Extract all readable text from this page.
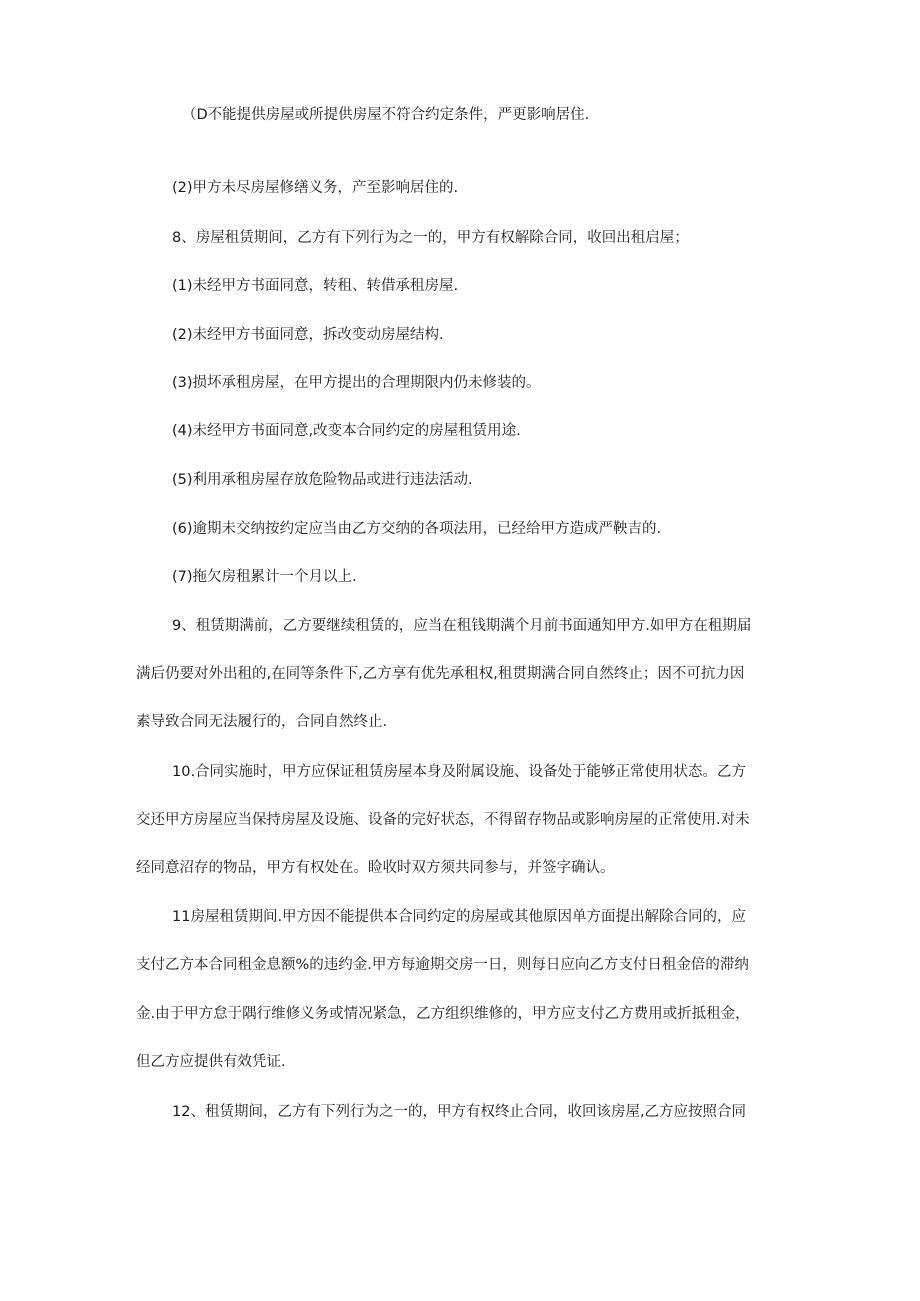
（D不能提供房屋或所提供房屋不符合约定条件，严更影响居住.

(2)甲方未尽房屋修缮义务，产至影响居住的.

8、房屋租赁期间，乙方有下列行为之一的，甲方有权解除合同，收回出租启屋；

(1)未经甲方书面同意，转租、转借承租房屋.

(2)未经甲方书面同意，拆改变动房屋结构.

(3)损坏承租房屋，在甲方提出的合理期限内仍未修装的。

(4)未经甲方书面同意,改变本合同约定的房屋租赁用途.

(5)利用承租房屋存放危险物品或进行违法活动.

(6)逾期未交纳按约定应当由乙方交纳的各项法用，已经给甲方造成严鞅吉的.

(7)拖欠房租累计一个月以上.

9、租赁期满前，乙方要继续租赁的，应当在租钱期满个月前书面通知甲方.如甲方在租期届

满后仍要对外出租的,在同等条件下,乙方享有优先承租权,租贯期满合同自然终止；因不可抗力因

素导致合同无法履行的，合同自然终止.

10.合同实施时，甲方应保证租赁房屋本身及附属设施、设备处于能够正常使用状态。乙方

交还甲方房屋应当保持房屋及设施、设备的完好状态，不得留存物品或影响房屋的正常使用.对未

经同意沼存的物品，甲方有权处在。睑收时双方须共同参与，并签字确认。

11房屋租赁期间.甲方因不能提供本合同约定的房屋或其他原因单方面提出解除合同的，应

支付乙方本合同租金息额%的违约金.甲方每逾期交房一日，则每日应向乙方支付日租金倍的滞纳

金.由于甲方怠于隅行维修义务或情况紧急，乙方组织维修的，甲方应支付乙方费用或折抵租金，

但乙方应提供有效凭证.

12、租赁期间，乙方有下列行为之一的，甲方有权终止合同，收回该房屋,乙方应按照合同
